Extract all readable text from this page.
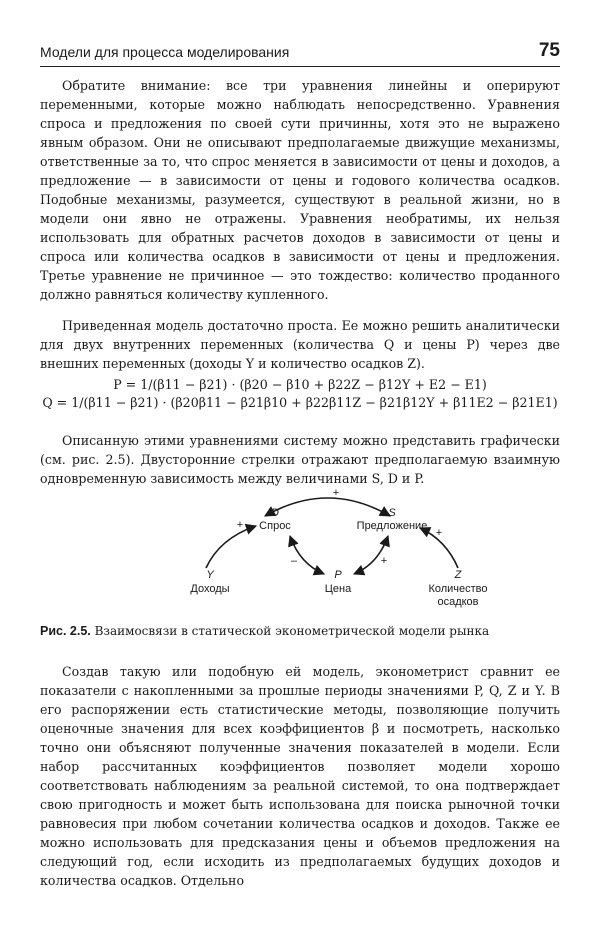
Модели для процесса моделирования	75

Обратите внимание: все три уравнения линейны и оперируют переменными, которые можно наблюдать непосредственно. Уравнения спроса и предложения по своей сути причинны, хотя это не выражено явным образом. Они не описывают предполагаемые движущие механизмы, ответственные за то, что спрос меняется в зависимости от цены и доходов, а предложение — в зависимости от цены и годового количества осадков. Подобные механизмы, разумеется, существуют в реальной жизни, но в модели они явно не отражены. Уравнения необратимы, их нельзя использовать для обратных расчетов доходов в зависимости от цены и спроса или количества осадков в зависимости от цены и предложения. Третье уравнение не причинное — это тождество: количество проданного должно равняться количеству купленного.

Приведенная модель достаточно проста. Ее можно решить аналитически для двух внутренних переменных (количества Q и цены P) через две внешних переменных (доходы Y и количество осадков Z).

P = 1/(β11 − β21) · (β20 − β10 + β22Z − β12Y + E2 − E1)
Q = 1/(β11 − β21) · (β20β11 − β21β10 + β22β11Z − β21β12Y + β11E2 − β21E1)

Описанную этими уравнениями систему можно представить графически (см. рис. 2.5). Двусторонние стрелки отражают предполагаемую взаимную одновременную зависимость между величинами S, D и P.

D
Спрос
S
Предложение
Y
Доходы
P
Цена
Z
Количество
осадков
+
+
–	+
+
Рис. 2.5. Взаимосвязи в статической эконометрической модели рынка

Создав такую или подобную ей модель, эконометрист сравнит ее показатели с накопленными за прошлые периоды значениями P, Q, Z и Y. В его распоряжении есть статистические методы, позволяющие получить оценочные значения для всех коэффициентов β и посмотреть, насколько точно они объясняют полученные значения показателей в модели. Если набор рассчитанных коэффициентов позволяет модели хорошо соответствовать наблюдениям за реальной системой, то она подтверждает свою пригодность и может быть использована для поиска рыночной точки равновесия при любом сочетании количества осадков и доходов. Также ее можно использовать для предсказания цены и объемов предложения на следующий год, если исходить из предполагаемых будущих доходов и количества осадков. Отдельно
